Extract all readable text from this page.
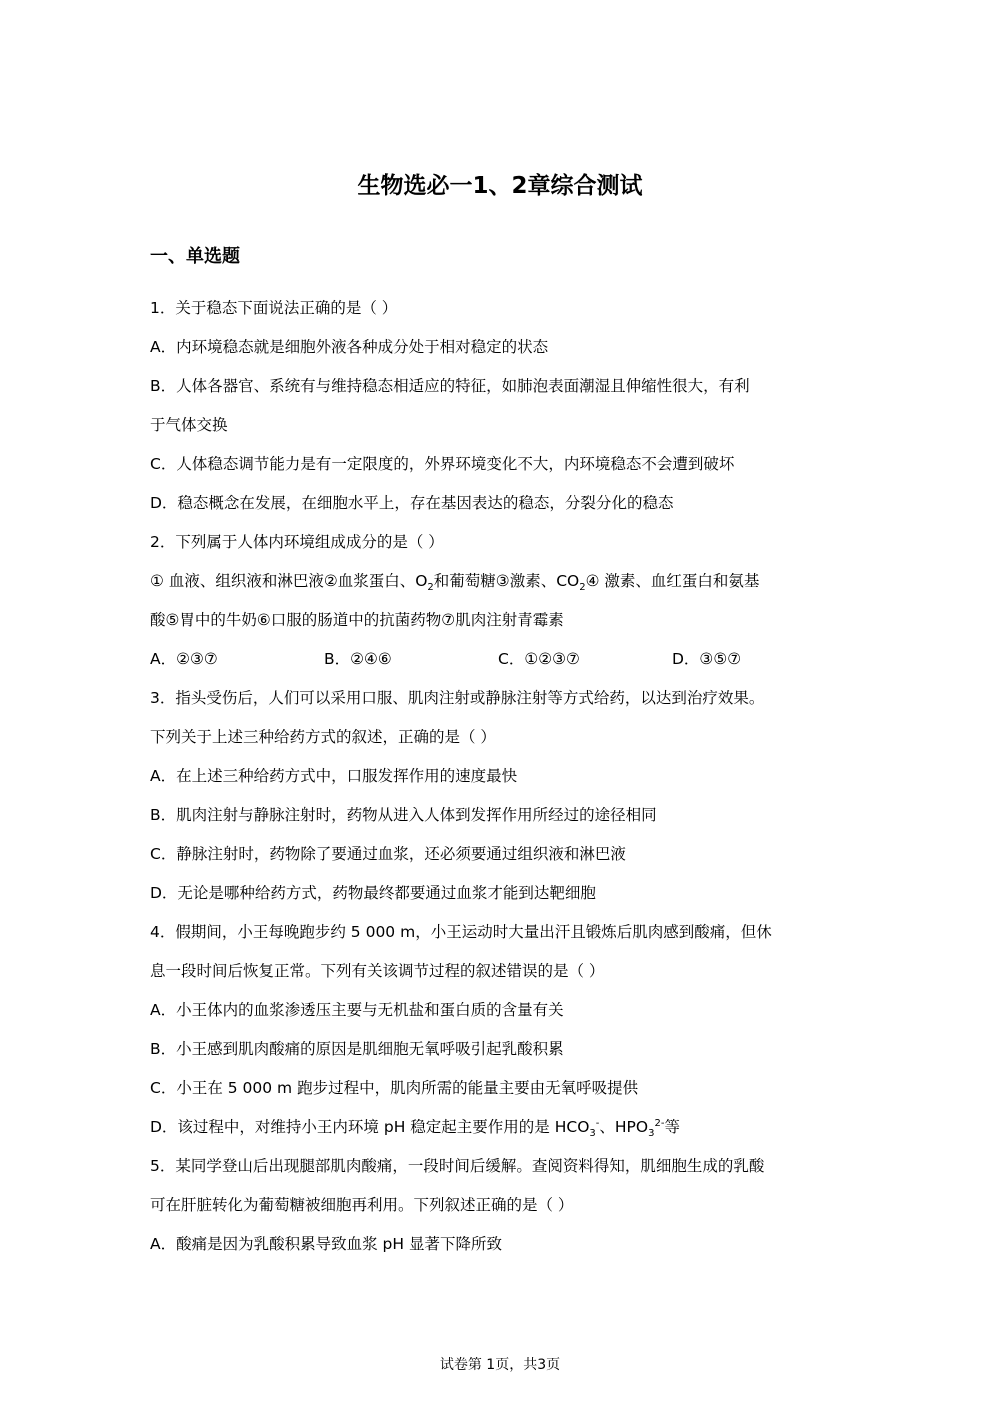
生物选必一1、2章综合测试
一、单选题
1．关于稳态下面说法正确的是（ ）
A．内环境稳态就是细胞外液各种成分处于相对稳定的状态
B．人体各器官、系统有与维持稳态相适应的特征，如肺泡表面潮湿且伸缩性很大，有利
于气体交换
C．人体稳态调节能力是有一定限度的，外界环境变化不大，内环境稳态不会遭到破坏
D．稳态概念在发展，在细胞水平上，存在基因表达的稳态，分裂分化的稳态
2．下列属于人体内环境组成成分的是（ ）
① 血液、组织液和淋巴液②血浆蛋白、$O_2$和葡萄糖③激素、$CO_2④$ 激素、血红蛋白和氨基
酸⑤胃中的牛奶⑥口服的肠道中的抗菌药物⑦肌肉注射青霉素
A．②③⑦	B．②④⑥	C．①②③⑦	D．③⑤⑦
3．指头受伤后，人们可以采用口服、肌肉注射或静脉注射等方式给药，以达到治疗效果。
下列关于上述三种给药方式的叙述，正确的是（ ）
A．在上述三种给药方式中，口服发挥作用的速度最快
B．肌肉注射与静脉注射时，药物从进入人体到发挥作用所经过的途径相同
C．静脉注射时，药物除了要通过血浆，还必须要通过组织液和淋巴液
D．无论是哪种给药方式，药物最终都要通过血浆才能到达靶细胞
4．假期间，小王每晚跑步约 5 000 m，小王运动时大量出汗且锻炼后肌肉感到酸痛，但休
息一段时间后恢复正常。下列有关该调节过程的叙述错误的是（ ）
A．小王体内的血浆渗透压主要与无机盐和蛋白质的含量有关
B．小王感到肌肉酸痛的原因是肌细胞无氧呼吸引起乳酸积累
C．小王在 5 000 m 跑步过程中，肌肉所需的能量主要由无氧呼吸提供
D．该过程中，对维持小王内环境 pH 稳定起主要作用的是 $HCO_3^-$、$HPO_3^{2-}$等
5．某同学登山后出现腿部肌肉酸痛，一段时间后缓解。查阅资料得知，肌细胞生成的乳酸
可在肝脏转化为葡萄糖被细胞再利用。下列叙述正确的是（ ）
A．酸痛是因为乳酸积累导致血浆 pH 显著下降所致
试卷第 1页，共3页
